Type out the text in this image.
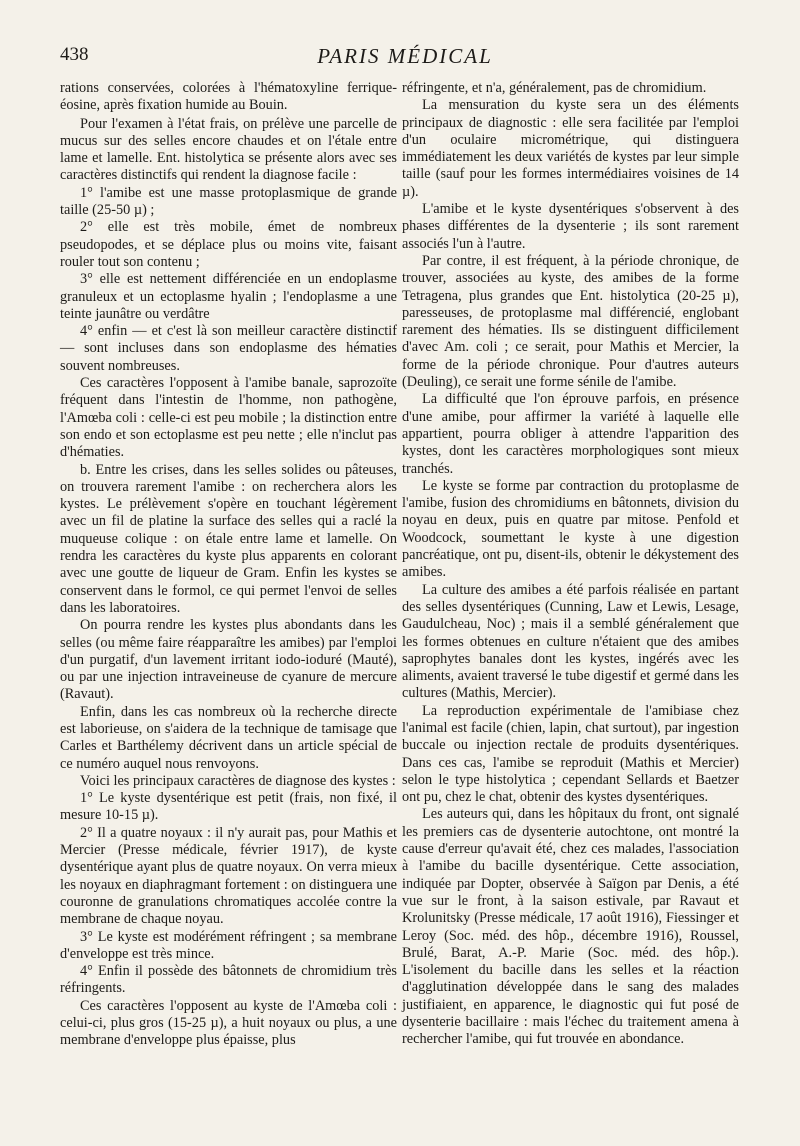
438	PARIS MÉDICAL

rations conservées, colorées à l'hématoxyline ferrique-éosine, après fixation humide au Bouin.

Pour l'examen à l'état frais, on prélève une parcelle de mucus sur des selles encore chaudes et on l'étale entre lame et lamelle. Ent. histolytica se présente alors avec ses caractères distinctifs qui rendent la diagnose facile :

1° l'amibe est une masse protoplasmique de grande taille (25-50 µ) ;

2° elle est très mobile, émet de nombreux pseudopodes, et se déplace plus ou moins vite, faisant rouler tout son contenu ;

3° elle est nettement différenciée en un endoplasme granuleux et un ectoplasme hyalin ; l'endoplasme a une teinte jaunâtre ou verdâtre

4° enfin — et c'est là son meilleur caractère distinctif — sont incluses dans son endoplasme des hématies souvent nombreuses.

Ces caractères l'opposent à l'amibe banale, saprozoïte fréquent dans l'intestin de l'homme, non pathogène, l'Amœba coli : celle-ci est peu mobile ; la distinction entre son endo et son ectoplasme est peu nette ; elle n'inclut pas d'hématies.

b. Entre les crises, dans les selles solides ou pâteuses, on trouvera rarement l'amibe : on recherchera alors les kystes. Le prélèvement s'opère en touchant légèrement avec un fil de platine la surface des selles qui a raclé la muqueuse colique : on étale entre lame et lamelle. On rendra les caractères du kyste plus apparents en colorant avec une goutte de liqueur de Gram. Enfin les kystes se conservent dans le formol, ce qui permet l'envoi de selles dans les laboratoires.

On pourra rendre les kystes plus abondants dans les selles (ou même faire réapparaître les amibes) par l'emploi d'un purgatif, d'un lavement irritant iodo-ioduré (Mauté), ou par une injection intraveineuse de cyanure de mercure (Ravaut).

Enfin, dans les cas nombreux où la recherche directe est laborieuse, on s'aidera de la technique de tamisage que Carles et Barthélemy décrivent dans un article spécial de ce numéro auquel nous renvoyons.

Voici les principaux caractères de diagnose des kystes :

1° Le kyste dysentérique est petit (frais, non fixé, il mesure 10-15 µ).

2° Il a quatre noyaux : il n'y aurait pas, pour Mathis et Mercier (Presse médicale, février 1917), de kyste dysentérique ayant plus de quatre noyaux. On verra mieux les noyaux en diaphragmant fortement : on distinguera une couronne de granulations chromatiques accolée contre la membrane de chaque noyau.

3° Le kyste est modérément réfringent ; sa membrane d'enveloppe est très mince.

4° Enfin il possède des bâtonnets de chromidium très réfringents.

Ces caractères l'opposent au kyste de l'Amœba coli : celui-ci, plus gros (15-25 µ), a huit noyaux ou plus, a une membrane d'enveloppe plus épaisse, plus

réfringente, et n'a, généralement, pas de chromidium.

La mensuration du kyste sera un des éléments principaux de diagnostic : elle sera facilitée par l'emploi d'un oculaire micrométrique, qui distinguera immédiatement les deux variétés de kystes par leur simple taille (sauf pour les formes intermédiaires voisines de 14 µ).

L'amibe et le kyste dysentériques s'observent à des phases différentes de la dysenterie ; ils sont rarement associés l'un à l'autre.

Par contre, il est fréquent, à la période chronique, de trouver, associées au kyste, des amibes de la forme Tetragena, plus grandes que Ent. histolytica (20-25 µ), paresseuses, de protoplasme mal différencié, englobant rarement des hématies. Ils se distinguent difficilement d'avec Am. coli ; ce serait, pour Mathis et Mercier, la forme de la période chronique. Pour d'autres auteurs (Deuling), ce serait une forme sénile de l'amibe.

La difficulté que l'on éprouve parfois, en présence d'une amibe, pour affirmer la variété à laquelle elle appartient, pourra obliger à attendre l'apparition des kystes, dont les caractères morphologiques sont mieux tranchés.

Le kyste se forme par contraction du protoplasme de l'amibe, fusion des chromidiums en bâtonnets, division du noyau en deux, puis en quatre par mitose. Penfold et Woodcock, soumettant le kyste à une digestion pancréatique, ont pu, disent-ils, obtenir le dékystement des amibes.

La culture des amibes a été parfois réalisée en partant des selles dysentériques (Cunning, Law et Lewis, Lesage, Gaudulcheau, Noc) ; mais il a semblé généralement que les formes obtenues en culture n'étaient que des amibes saprophytes banales dont les kystes, ingérés avec les aliments, avaient traversé le tube digestif et germé dans les cultures (Mathis, Mercier).

La reproduction expérimentale de l'amibiase chez l'animal est facile (chien, lapin, chat surtout), par ingestion buccale ou injection rectale de produits dysentériques. Dans ces cas, l'amibe se reproduit (Mathis et Mercier) selon le type histolytica ; cependant Sellards et Baetzer ont pu, chez le chat, obtenir des kystes dysentériques.

Les auteurs qui, dans les hôpitaux du front, ont signalé les premiers cas de dysenterie autochtone, ont montré la cause d'erreur qu'avait été, chez ces malades, l'association à l'amibe du bacille dysentérique. Cette association, indiquée par Dopter, observée à Saïgon par Denis, a été vue sur le front, à la saison estivale, par Ravaut et Krolunitsky (Presse médicale, 17 août 1916), Fiessinger et Leroy (Soc. méd. des hôp., décembre 1916), Roussel, Brulé, Barat, A.-P. Marie (Soc. méd. des hôp.). L'isolement du bacille dans les selles et la réaction d'agglutination développée dans le sang des malades justifiaient, en apparence, le diagnostic qui fut posé de dysenterie bacillaire : mais l'échec du traitement amena à rechercher l'amibe, qui fut trouvée en abondance.
